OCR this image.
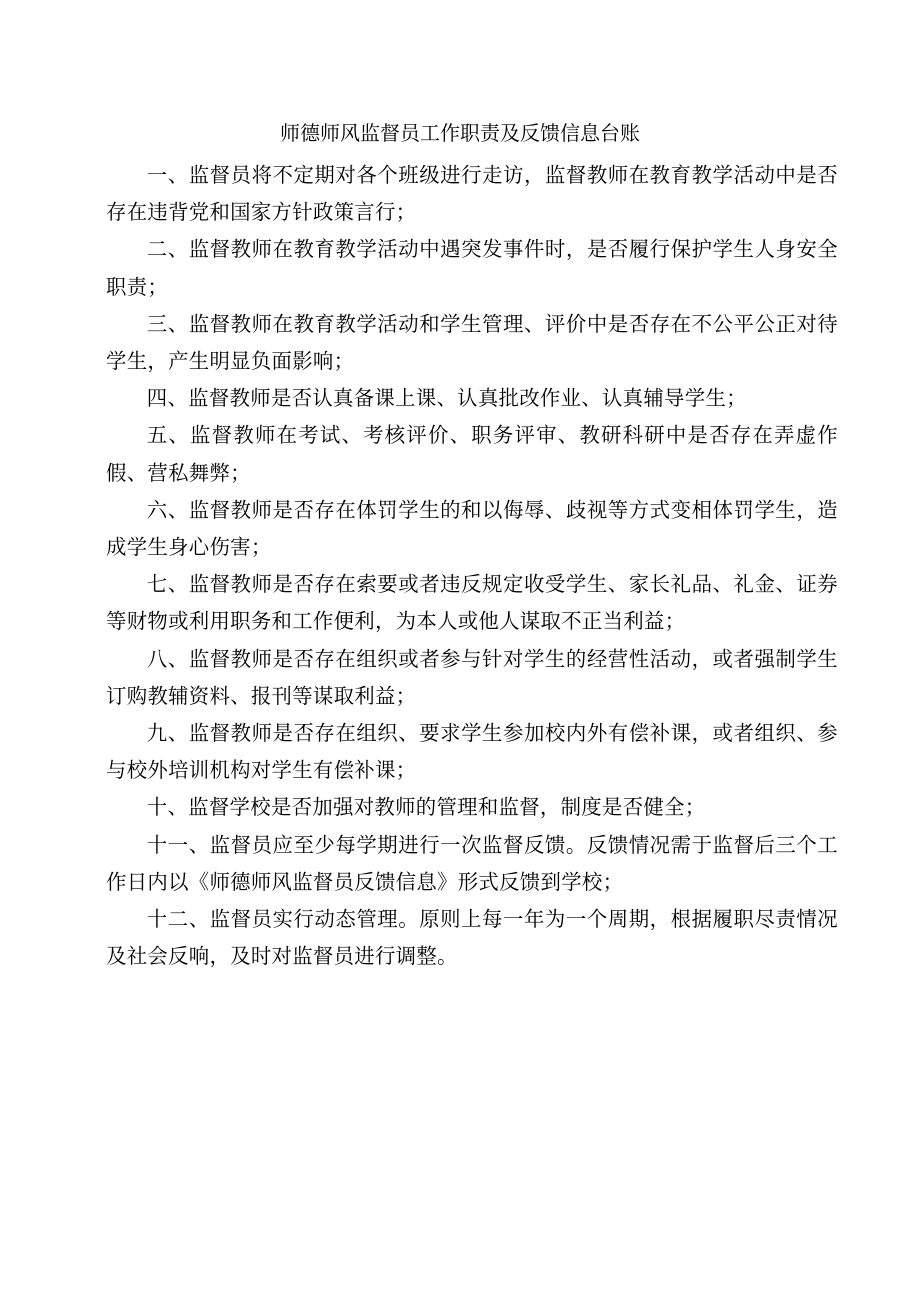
师德师风监督员工作职责及反馈信息台账

一、监督员将不定期对各个班级进行走访，监督教师在教育教学活动中是否存在违背党和国家方针政策言行；

二、监督教师在教育教学活动中遇突发事件时，是否履行保护学生人身安全职责；

三、监督教师在教育教学活动和学生管理、评价中是否存在不公平公正对待学生，产生明显负面影响；

四、监督教师是否认真备课上课、认真批改作业、认真辅导学生；

五、监督教师在考试、考核评价、职务评审、教研科研中是否存在弄虚作假、营私舞弊；

六、监督教师是否存在体罚学生的和以侮辱、歧视等方式变相体罚学生，造成学生身心伤害；

七、监督教师是否存在索要或者违反规定收受学生、家长礼品、礼金、证券等财物或利用职务和工作便利，为本人或他人谋取不正当利益；

八、监督教师是否存在组织或者参与针对学生的经营性活动，或者强制学生订购教辅资料、报刊等谋取利益；

九、监督教师是否存在组织、要求学生参加校内外有偿补课，或者组织、参与校外培训机构对学生有偿补课；

十、监督学校是否加强对教师的管理和监督，制度是否健全；

十一、监督员应至少每学期进行一次监督反馈。反馈情况需于监督后三个工作日内以《师德师风监督员反馈信息》形式反馈到学校；

十二、监督员实行动态管理。原则上每一年为一个周期，根据履职尽责情况及社会反响，及时对监督员进行调整。
